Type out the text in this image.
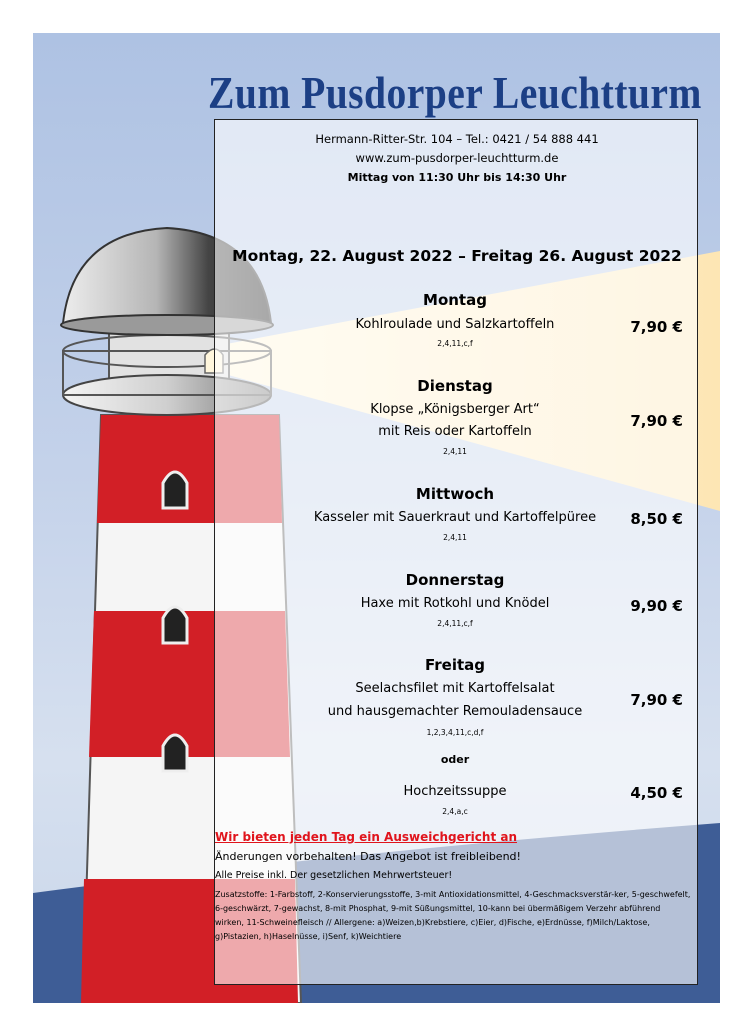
Zum Pusdorper Leuchtturm
Hermann-Ritter-Str. 104 – Tel.: 0421 / 54 888 441
www.zum-pusdorper-leuchtturm.de
Mittag von 11:30 Uhr bis 14:30 Uhr
Montag, 22. August 2022 – Freitag 26. August 2022
Montag
Kohlroulade und Salzkartoffeln
2,4,11,c,f
7,90 €
Dienstag
Klopse „Königsberger Art“
mit Reis oder Kartoffeln
2,4,11
7,90 €
Mittwoch
Kasseler mit Sauerkraut und Kartoffelpüree
2,4,11
8,50 €
Donnerstag
Haxe mit Rotkohl und Knödel
2,4,11,c,f
9,90 €
Freitag
Seelachsfilet mit Kartoffelsalat
und hausgemachter Remouladensauce
1,2,3,4,11,c,d,f
7,90 €
oder
Hochzeitssuppe
2,4,a,c
4,50 €
Wir bieten jeden Tag ein Ausweichgericht an
Änderungen vorbehalten! Das Angebot ist freibleibend!
Alle Preise inkl. Der gesetzlichen Mehrwertsteuer!
Zusatzstoffe: 1-Farbstoff, 2-Konservierungsstoffe, 3-mit Antioxidationsmittel, 4-Geschmacksverstär-ker, 5-geschwefelt, 6-geschwärzt, 7-gewachst, 8-mit Phosphat, 9-mit Süßungsmittel, 10-kann bei übermäßigem Verzehr abführend wirken, 11-Schweinefleisch // Allergene: a)Weizen,b)Krebstiere, c)Eier, d)Fische, e)Erdnüsse, f)Milch/Laktose, g)Pistazien, h)Haselnüsse, i)Senf, k)Weichtiere
